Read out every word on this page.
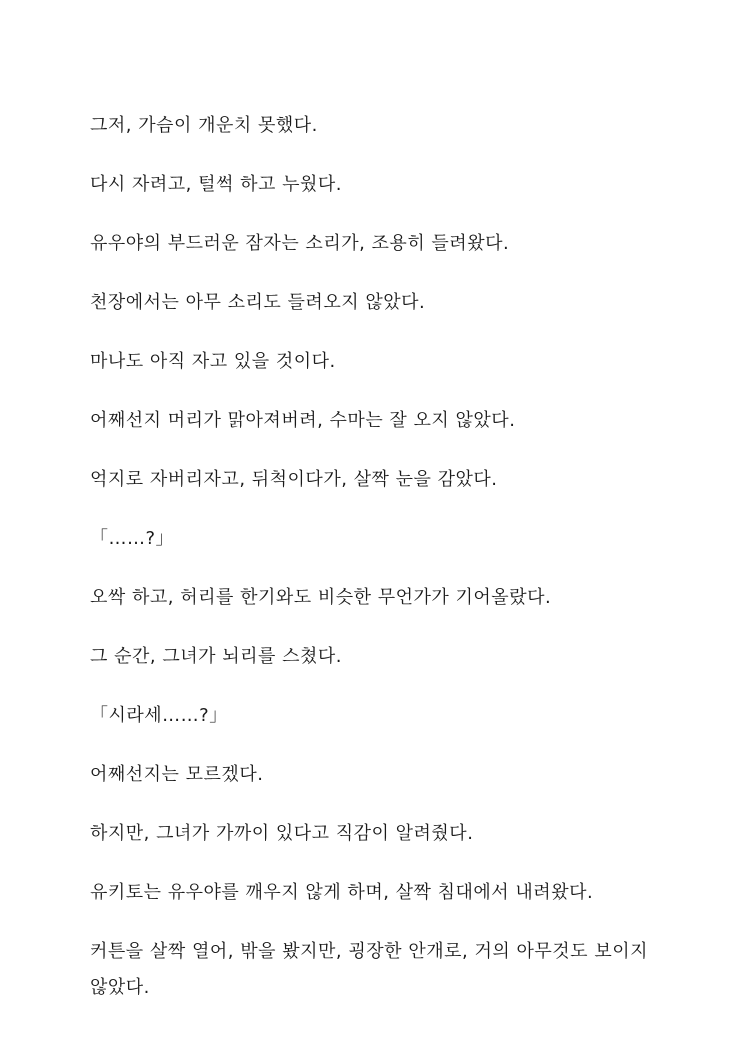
그저, 가슴이 개운치 못했다.

다시 자려고, 털썩 하고 누웠다.

유우야의 부드러운 잠자는 소리가, 조용히 들려왔다.

천장에서는 아무 소리도 들려오지 않았다.

마나도 아직 자고 있을 것이다.

어째선지 머리가 맑아져버려, 수마는 잘 오지 않았다.

억지로 자버리자고, 뒤척이다가, 살짝 눈을 감았다.

「……?」

오싹 하고, 허리를 한기와도 비슷한 무언가가 기어올랐다.

그 순간, 그녀가 뇌리를 스쳤다.

「시라세……?」

어째선지는 모르겠다.

하지만, 그녀가 가까이 있다고 직감이 알려줬다.

유키토는 유우야를 깨우지 않게 하며, 살짝 침대에서 내려왔다.

커튼을 살짝 열어, 밖을 봤지만, 굉장한 안개로, 거의 아무것도 보이지 않았다.
